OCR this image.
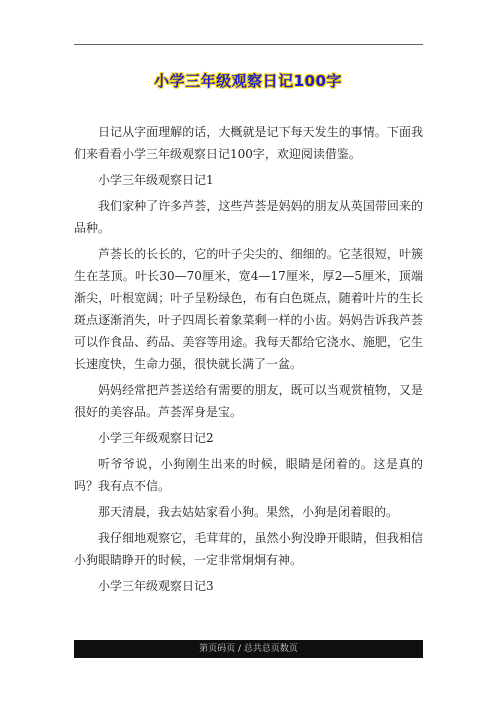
小学三年级观察日记100字

日记从字面理解的话，大概就是记下每天发生的事情。下面我们来看看小学三年级观察日记100字，欢迎阅读借鉴。

小学三年级观察日记1

我们家种了许多芦荟，这些芦荟是妈妈的朋友从英国带回来的品种。

芦荟长的长长的，它的叶子尖尖的、细细的。它茎很短，叶簇生在茎顶。叶长30—70厘米，宽4—17厘米，厚2—5厘米，顶端渐尖，叶根宽阔；叶子呈粉绿色，布有白色斑点，随着叶片的生长斑点逐渐消失，叶子四周长着象菜剩一样的小齿。妈妈告诉我芦荟可以作食品、药品、美容等用途。我每天都给它浇水、施肥，它生长速度快，生命力强，很快就长满了一盆。

妈妈经常把芦荟送给有需要的朋友，既可以当观赏植物，又是很好的美容品。芦荟浑身是宝。

小学三年级观察日记2

听爷爷说，小狗刚生出来的时候，眼睛是闭着的。这是真的吗？我有点不信。

那天清晨，我去姑姑家看小狗。果然，小狗是闭着眼的。

我仔细地观察它，毛茸茸的，虽然小狗没睁开眼睛，但我相信小狗眼睛睁开的时候，一定非常炯炯有神。

小学三年级观察日记3

第页码页 / 总共总页数页
